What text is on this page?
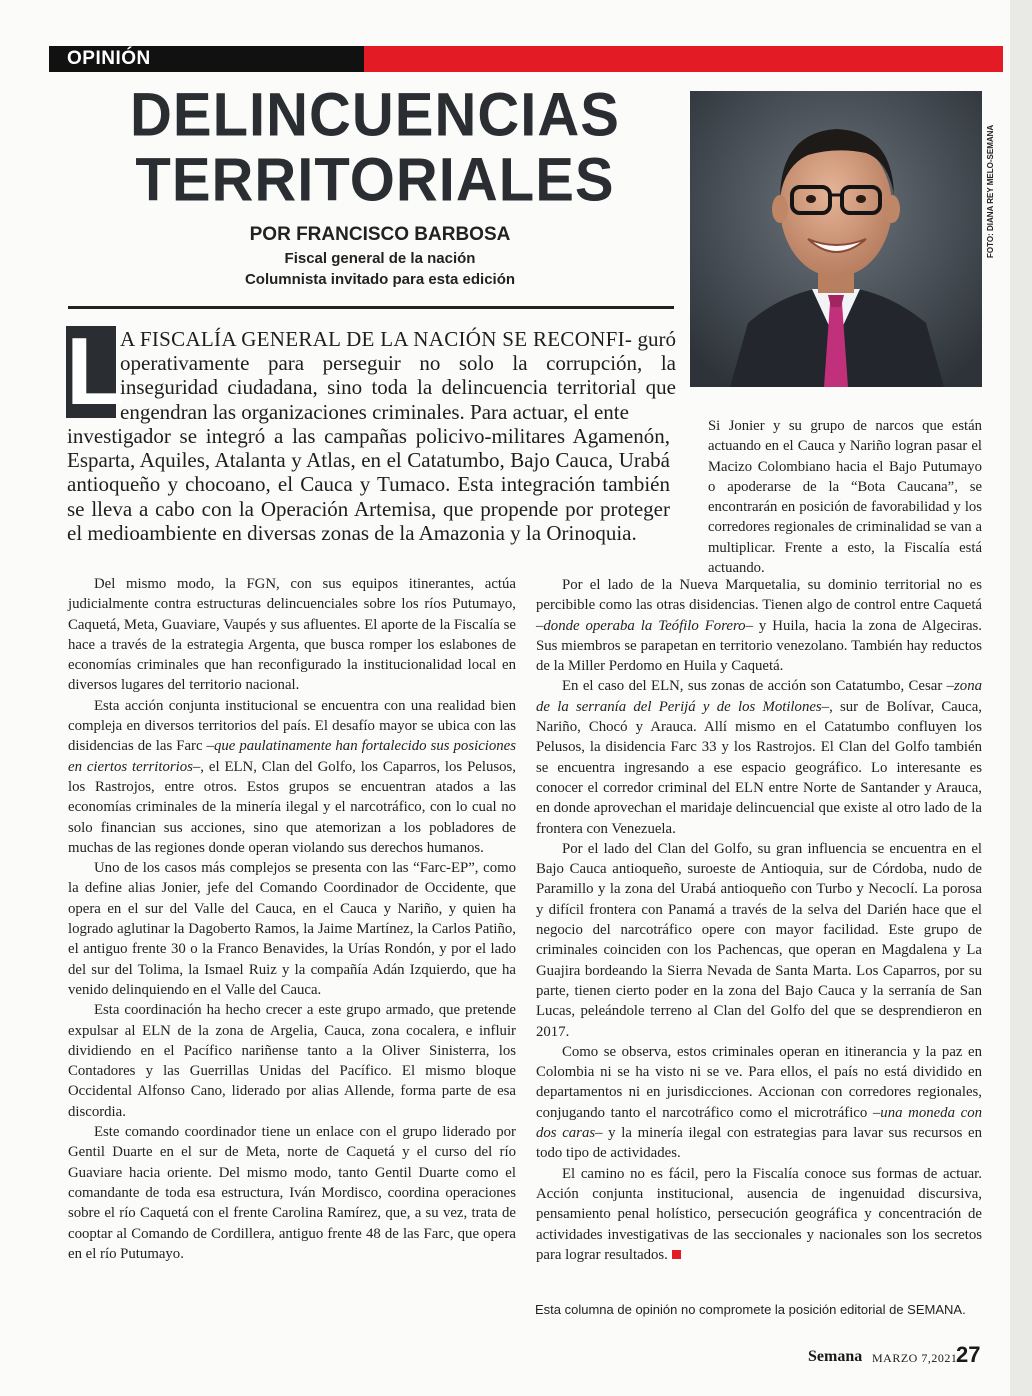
OPINIÓN
DELINCUENCIAS
TERRITORIALES
POR FRANCISCO BARBOSA
Fiscal general de la nación
Columnista invitado para esta edición
FOTO: DIANA REY MELO-SEMANA
L
A FISCALÍA GENERAL DE LA NACIÓN SE RECONFI- guró operativamente para perseguir no solo la corrupción, la inseguridad ciudadana, sino toda la delincuencia territorial que engendran las organizaciones criminales. Para actuar, el ente
investigador se integró a las campañas policivo-militares Agamenón, Esparta, Aquiles, Atalanta y Atlas, en el Catatumbo, Bajo Cauca, Urabá antioqueño y chocoano, el Cauca y Tumaco. Esta integración también se lleva a cabo con la Operación Artemisa, que propende por proteger el medioambiente en diversas zonas de la Amazonia y la Orinoquia.
Si Jonier y su grupo de narcos que están actuando en el Cauca y Nariño logran pasar el Macizo Colombiano hacia el Bajo Putumayo o apoderarse de la “Bota Caucana”, se encontrarán en posición de favorabilidad y los corredores regionales de criminalidad se van a multiplicar. Frente a esto, la Fiscalía está actuando.

Del mismo modo, la FGN, con sus equipos itinerantes, actúa judicialmente contra estructuras delincuenciales sobre los ríos Putumayo, Caquetá, Meta, Guaviare, Vaupés y sus afluentes. El aporte de la Fiscalía se hace a través de la estrategia Argenta, que busca romper los eslabones de economías criminales que han reconfigurado la institucionalidad local en diversos lugares del territorio nacional.

Esta acción conjunta institucional se encuentra con una realidad bien compleja en diversos territorios del país. El desafío mayor se ubica con las disidencias de las Farc –que paulatinamente han fortalecido sus posiciones en ciertos territorios–, el ELN, Clan del Golfo, los Caparros, los Pelusos, los Rastrojos, entre otros. Estos grupos se encuentran atados a las economías criminales de la minería ilegal y el narcotráfico, con lo cual no solo financian sus acciones, sino que atemorizan a los pobladores de muchas de las regiones donde operan violando sus derechos humanos.

Uno de los casos más complejos se presenta con las “Farc-EP”, como la define alias Jonier, jefe del Comando Coordinador de Occidente, que opera en el sur del Valle del Cauca, en el Cauca y Nariño, y quien ha logrado aglutinar la Dagoberto Ramos, la Jaime Martínez, la Carlos Patiño, el antiguo frente 30 o la Franco Benavides, la Urías Rondón, y por el lado del sur del Tolima, la Ismael Ruiz y la compañía Adán Izquierdo, que ha venido delinquiendo en el Valle del Cauca.

Esta coordinación ha hecho crecer a este grupo armado, que pretende expulsar al ELN de la zona de Argelia, Cauca, zona cocalera, e influir dividiendo en el Pacífico nariñense tanto a la Oliver Sinisterra, los Contadores y las Guerrillas Unidas del Pacífico. El mismo bloque Occidental Alfonso Cano, liderado por alias Allende, forma parte de esa discordia.

Este comando coordinador tiene un enlace con el grupo liderado por Gentil Duarte en el sur de Meta, norte de Caquetá y el curso del río Guaviare hacia oriente. Del mismo modo, tanto Gentil Duarte como el comandante de toda esa estructura, Iván Mordisco, coordina operaciones sobre el río Caquetá con el frente Carolina Ramírez, que, a su vez, trata de cooptar al Comando de Cordillera, antiguo frente 48 de las Farc, que opera en el río Putumayo.

Por el lado de la Nueva Marquetalia, su dominio territorial no es percibible como las otras disidencias. Tienen algo de control entre Caquetá –donde operaba la Teófilo Forero– y Huila, hacia la zona de Algeciras. Sus miembros se parapetan en territorio venezolano. También hay reductos de la Miller Perdomo en Huila y Caquetá.

En el caso del ELN, sus zonas de acción son Catatumbo, Cesar –zona de la serranía del Perijá y de los Motilones–, sur de Bolívar, Cauca, Nariño, Chocó y Arauca. Allí mismo en el Catatumbo confluyen los Pelusos, la disidencia Farc 33 y los Rastrojos. El Clan del Golfo también se encuentra ingresando a ese espacio geográfico. Lo interesante es conocer el corredor criminal del ELN entre Norte de Santander y Arauca, en donde aprovechan el maridaje delincuencial que existe al otro lado de la frontera con Venezuela.

Por el lado del Clan del Golfo, su gran influencia se encuentra en el Bajo Cauca antioqueño, suroeste de Antioquia, sur de Córdoba, nudo de Paramillo y la zona del Urabá antioqueño con Turbo y Necoclí. La porosa y difícil frontera con Panamá a través de la selva del Darién hace que el negocio del narcotráfico opere con mayor facilidad. Este grupo de criminales coinciden con los Pachencas, que operan en Magdalena y La Guajira bordeando la Sierra Nevada de Santa Marta. Los Caparros, por su parte, tienen cierto poder en la zona del Bajo Cauca y la serranía de San Lucas, peleándole terreno al Clan del Golfo del que se desprendieron en 2017.

Como se observa, estos criminales operan en itinerancia y la paz en Colombia ni se ha visto ni se ve. Para ellos, el país no está dividido en departamentos ni en jurisdicciones. Accionan con corredores regionales, conjugando tanto el narcotráfico como el microtráfico –una moneda con dos caras– y la minería ilegal con estrategias para lavar sus recursos en todo tipo de actividades.

El camino no es fácil, pero la Fiscalía conoce sus formas de actuar. Acción conjunta institucional, ausencia de ingenuidad discursiva, pensamiento penal holístico, persecución geográfica y concentración de actividades investigativas de las seccionales y nacionales son los secretos para lograr resultados.

Esta columna de opinión no compromete la posición editorial de SEMANA.
Semana MARZO 7,2021
27
